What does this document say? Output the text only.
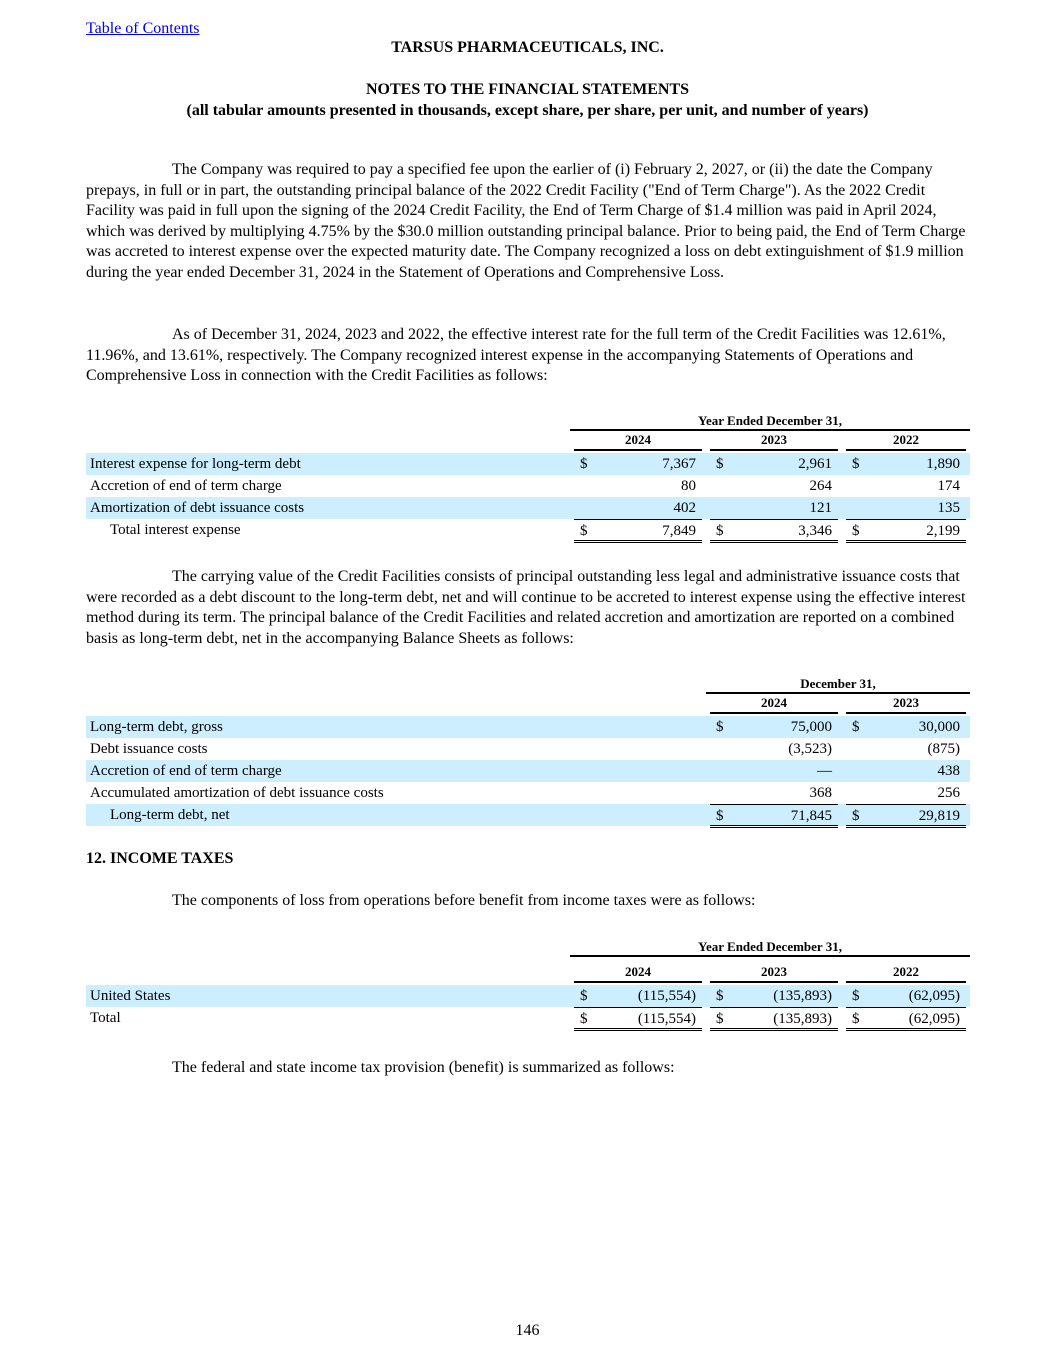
Table of Contents
TARSUS PHARMACEUTICALS, INC.
NOTES TO THE FINANCIAL STATEMENTS
(all tabular amounts presented in thousands, except share, per share, per unit, and number of years)
The Company was required to pay a specified fee upon the earlier of (i) February 2, 2027, or (ii) the date the Company prepays, in full or in part, the outstanding principal balance of the 2022 Credit Facility ("End of Term Charge"). As the 2022 Credit Facility was paid in full upon the signing of the 2024 Credit Facility, the End of Term Charge of $1.4 million was paid in April 2024, which was derived by multiplying 4.75% by the $30.0 million outstanding principal balance. Prior to being paid, the End of Term Charge was accreted to interest expense over the expected maturity date. The Company recognized a loss on debt extinguishment of $1.9 million during the year ended December 31, 2024 in the Statement of Operations and Comprehensive Loss.
As of December 31, 2024, 2023 and 2022, the effective interest rate for the full term of the Credit Facilities was 12.61%, 11.96%, and 13.61%, respectively. The Company recognized interest expense in the accompanying Statements of Operations and Comprehensive Loss in connection with the Credit Facilities as follows:
Year Ended December 31,
2024	2023	2022
Interest expense for long-term debt	$	7,367 $	2,961 $	1,890
Accretion of end of term charge	80	264	174
Amortization of debt issuance costs	402	121	135
Total interest expense	$	7,849 $	3,346 $	2,199
The carrying value of the Credit Facilities consists of principal outstanding less legal and administrative issuance costs that were recorded as a debt discount to the long-term debt, net and will continue to be accreted to interest expense using the effective interest method during its term. The principal balance of the Credit Facilities and related accretion and amortization are reported on a combined basis as long-term debt, net in the accompanying Balance Sheets as follows:
December 31,
2024	2023
Long-term debt, gross	$	75,000 $	30,000
Debt issuance costs	(3,523)	(875)
Accretion of end of term charge	—	438
Accumulated amortization of debt issuance costs	368	256
Long-term debt, net	$	71,845 $	29,819
12. INCOME TAXES
The components of loss from operations before benefit from income taxes were as follows:
Year Ended December 31,
2024	2023	2022
United States	$	(115,554) $	(135,893) $	(62,095)
Total	$	(115,554) $	(135,893) $	(62,095)
The federal and state income tax provision (benefit) is summarized as follows:
146
